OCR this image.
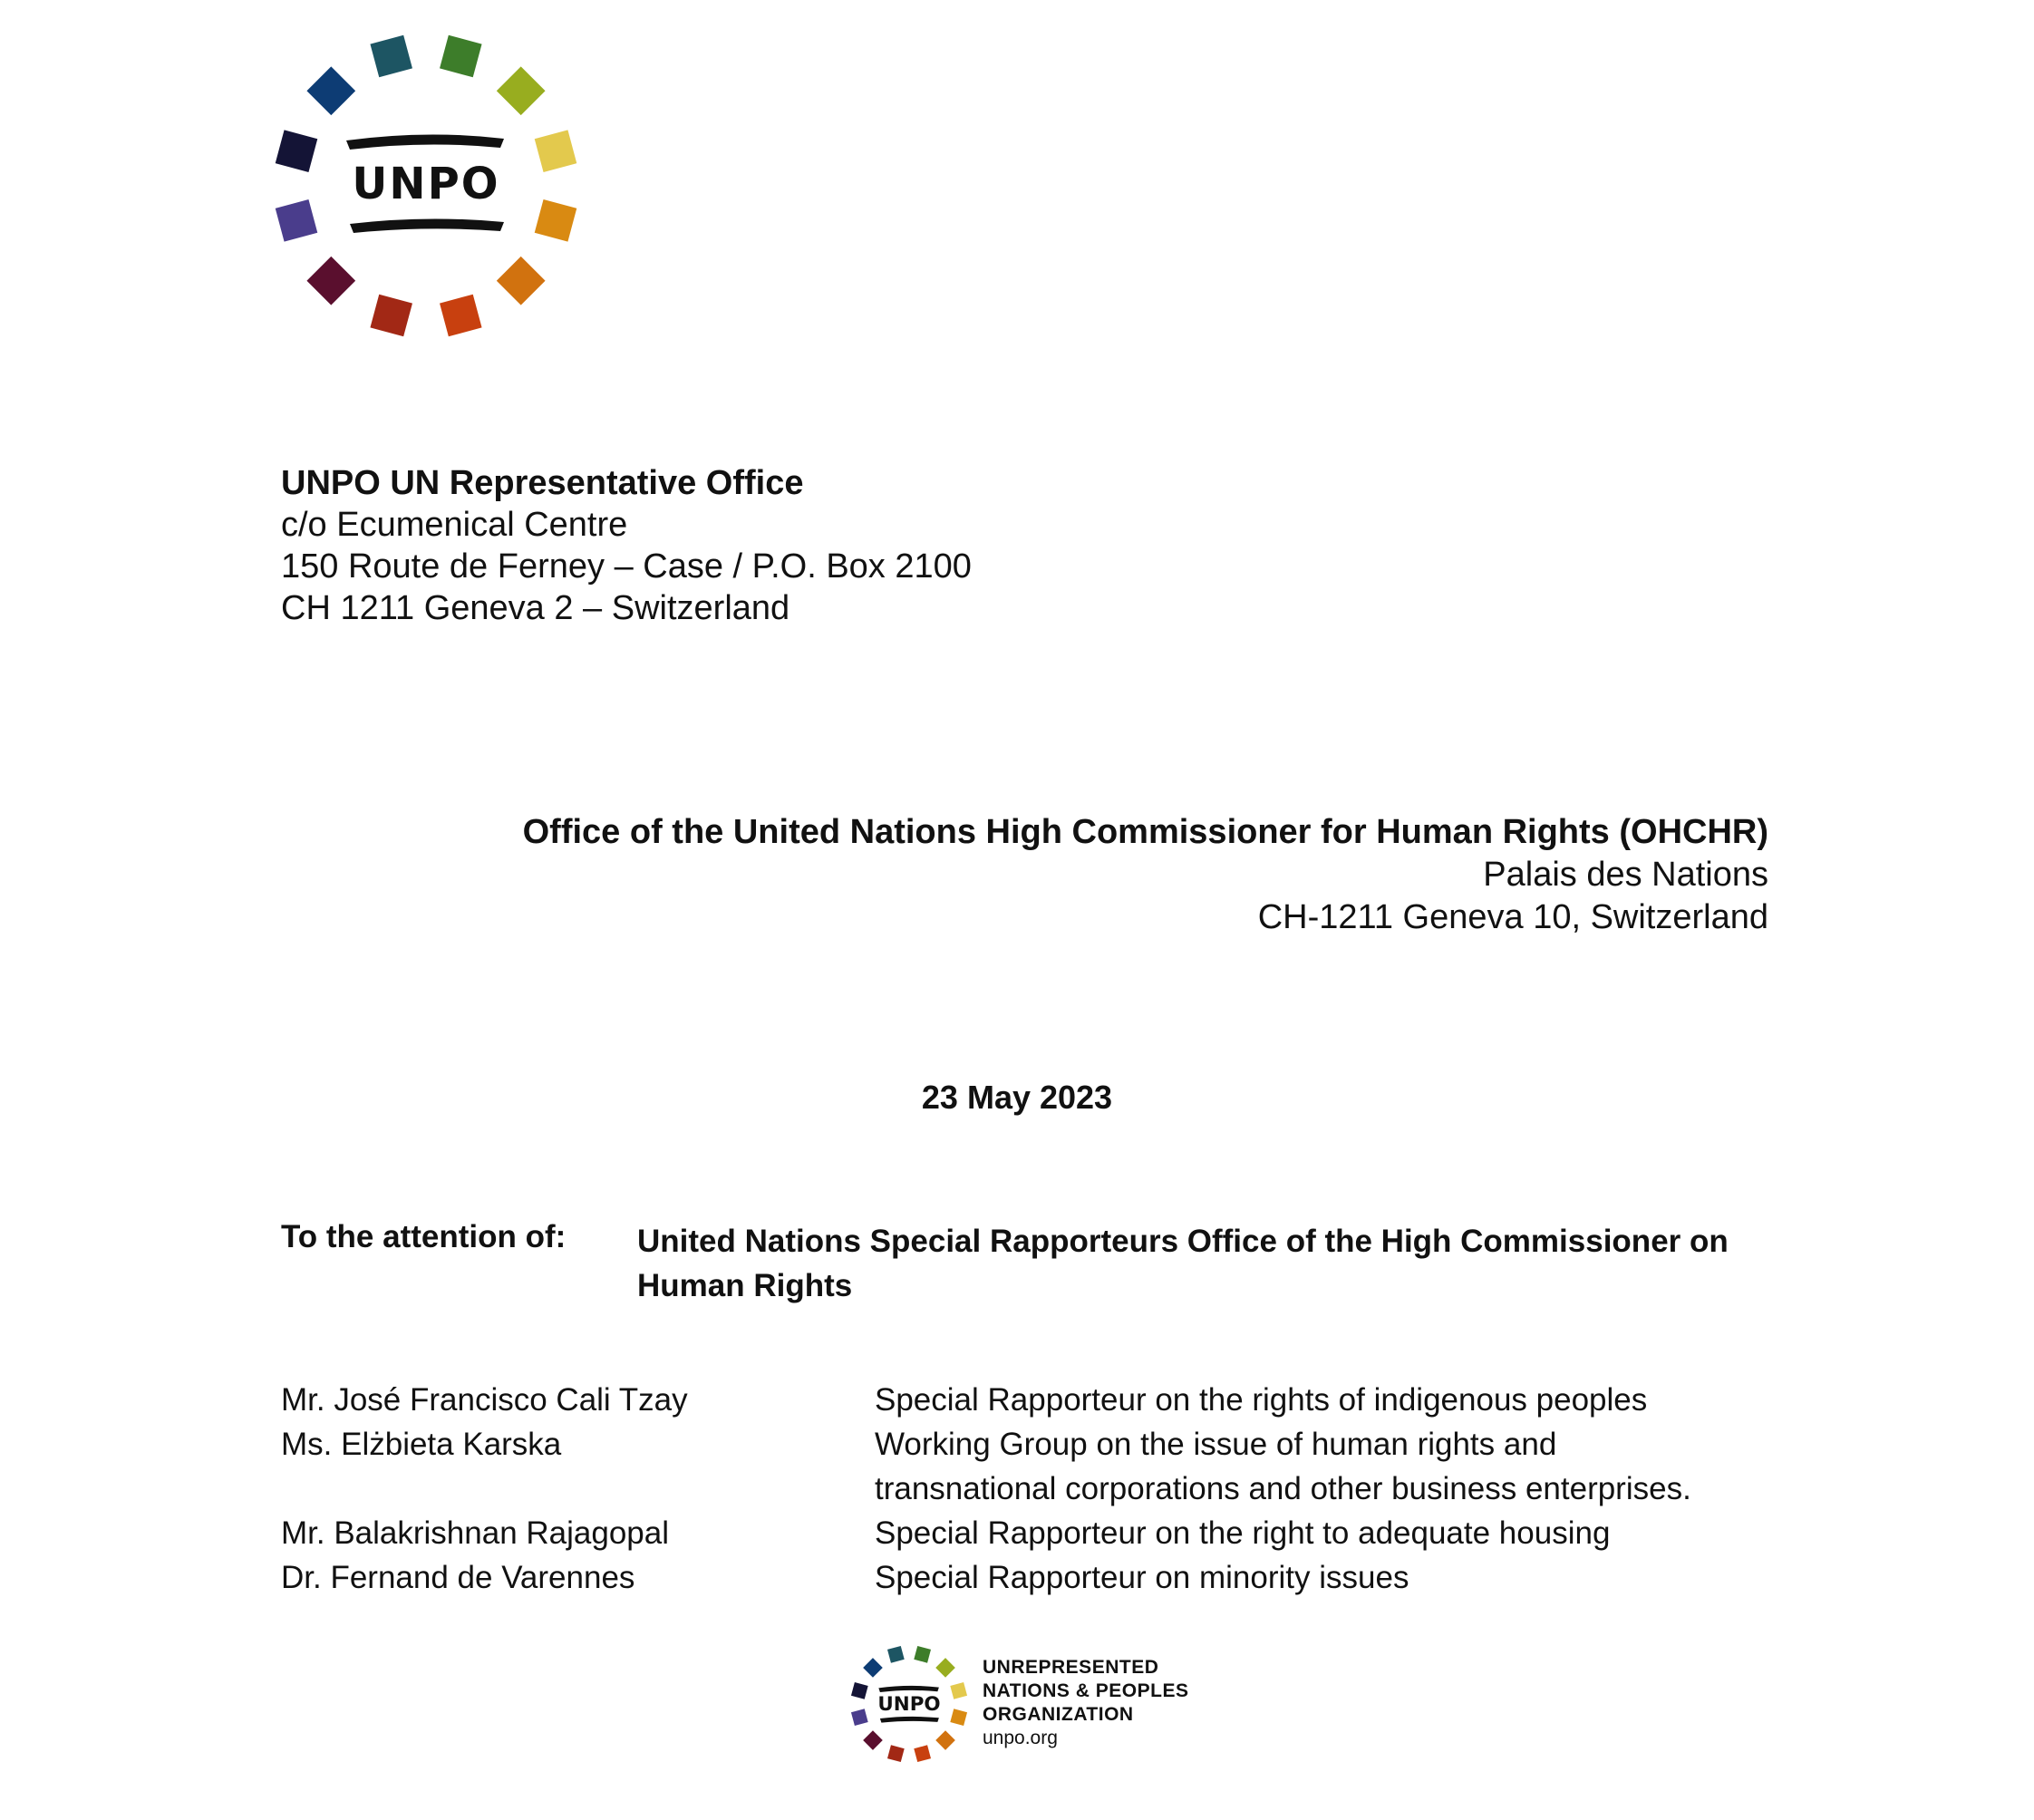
UNPO
UNPO UN Representative Office
c/o Ecumenical Centre
150 Route de Ferney – Case / P.O. Box 2100
CH 1211 Geneva 2 – Switzerland
Office of the United Nations High Commissioner for Human Rights (OHCHR)
Palais des Nations
CH-1211 Geneva 10, Switzerland
23 May 2023
To the attention of: United Nations Special Rapporteurs Office of the High Commissioner on Human Rights
Mr. José Francisco Cali Tzay	Special Rapporteur on the rights of indigenous peoples
Ms. Elżbieta Karska	Working Group on the issue of human rights and
transnational corporations and other business enterprises.
Mr. Balakrishnan Rajagopal	Special Rapporteur on the right to adequate housing
Dr. Fernand de Varennes	Special Rapporteur on minority issues
UNPO
UNREPRESENTED
NATIONS & PEOPLES
ORGANIZATION
unpo.org
